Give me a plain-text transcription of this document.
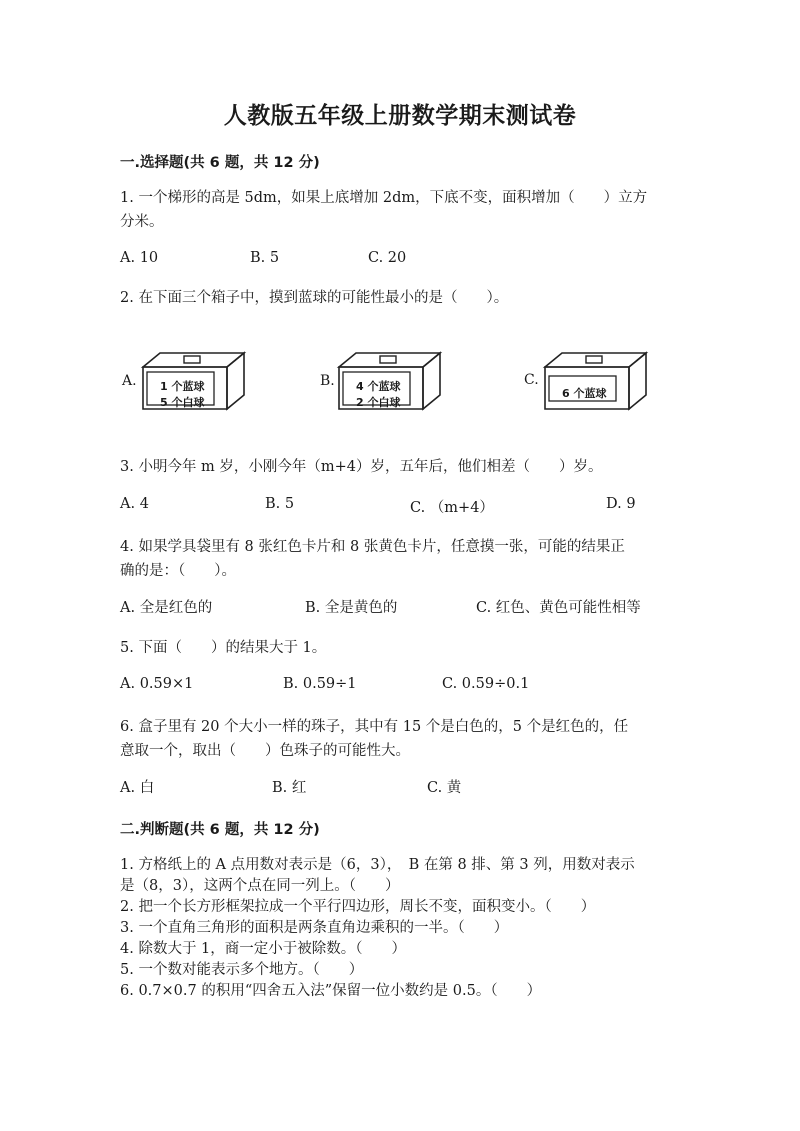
人教版五年级上册数学期末测试卷
一.选择题(共 6 题，共 12 分)
1. 一个梯形的高是 5dm，如果上底增加 2dm，下底不变，面积增加（　　）立方
分米。
A. 10	B. 5	C. 20
2. 在下面三个箱子中，摸到蓝球的可能性最小的是（　　）。
A. 1 个蓝球
5 个白球
B. 4 个蓝球
2 个白球
C.
6 个蓝球
3. 小明今年 m 岁，小刚今年（m+4）岁，五年后，他们相差（　　）岁。
A. 4	B. 5	C. （m+4）	D. 9
4. 如果学具袋里有 8 张红色卡片和 8 张黄色卡片，任意摸一张，可能的结果正
确的是：（　　）。
A. 全是红色的	B. 全是黄色的	C. 红色、黄色可能性相等
5. 下面（　　）的结果大于 1。
A. 0.59×1	B. 0.59÷1	C. 0.59÷0.1
6. 盒子里有 20 个大小一样的珠子，其中有 15 个是白色的，5 个是红色的，任
意取一个，取出（　　）色珠子的可能性大。
A. 白	B. 红	C. 黄
二.判断题(共 6 题，共 12 分)
1. 方格纸上的 A 点用数对表示是（6，3），　B 在第 8 排、第 3 列，用数对表示
是（8，3），这两个点在同一列上。（　　）
2. 把一个长方形框架拉成一个平行四边形，周长不变，面积变小。（　　）
3. 一个直角三角形的面积是两条直角边乘积的一半。（　　）
4. 除数大于 1，商一定小于被除数。（　　）
5. 一个数对能表示多个地方。（　　）
6. 0.7×0.7 的积用“四舍五入法”保留一位小数约是 0.5。（　　）
